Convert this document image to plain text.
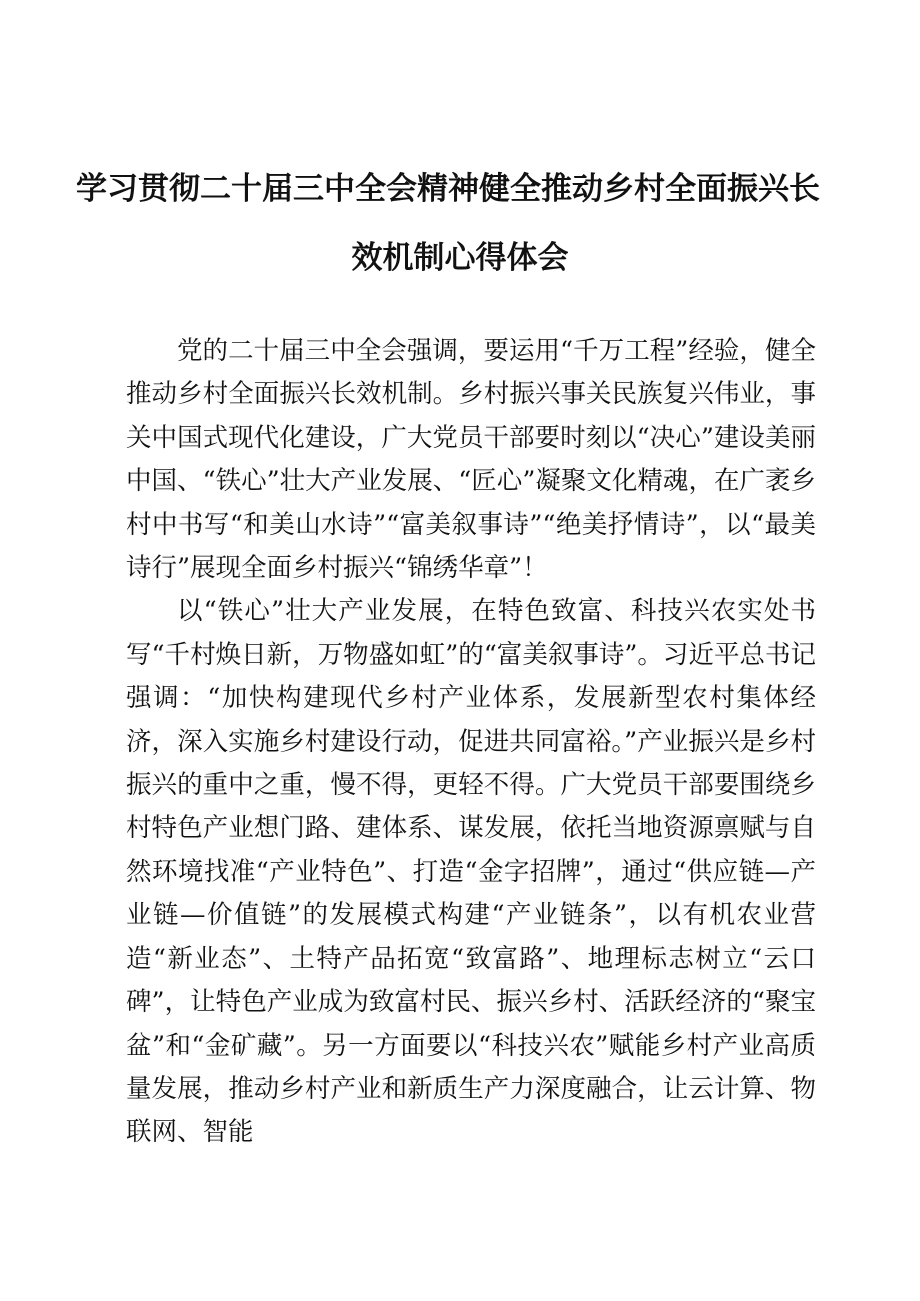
学习贯彻二十届三中全会精神健全推动乡村全面振兴长
效机制心得体会

党的二十届三中全会强调，要运用“千万工程”经验，健全推动乡村全面振兴长效机制。乡村振兴事关民族复兴伟业，事关中国式现代化建设，广大党员干部要时刻以“决心”建设美丽中国、“铁心”壮大产业发展、“匠心”凝聚文化精魂，在广袤乡村中书写“和美山水诗”“富美叙事诗”“绝美抒情诗”，以“最美诗行”展现全面乡村振兴“锦绣华章”！

以“铁心”壮大产业发展，在特色致富、科技兴农实处书写“千村焕日新，万物盛如虹”的“富美叙事诗”。习近平总书记强调：“加快构建现代乡村产业体系，发展新型农村集体经济，深入实施乡村建设行动，促进共同富裕。”产业振兴是乡村振兴的重中之重，慢不得，更轻不得。广大党员干部要围绕乡村特色产业想门路、建体系、谋发展，依托当地资源禀赋与自然环境找准“产业特色”、打造“金字招牌”，通过“供应链—产业链—价值链”的发展模式构建“产业链条”，以有机农业营造“新业态”、土特产品拓宽“致富路”、地理标志树立“云口碑”，让特色产业成为致富村民、振兴乡村、活跃经济的“聚宝盆”和“金矿藏”。另一方面要以“科技兴农”赋能乡村产业高质量发展，推动乡村产业和新质生产力深度融合，让云计算、物联网、智能
